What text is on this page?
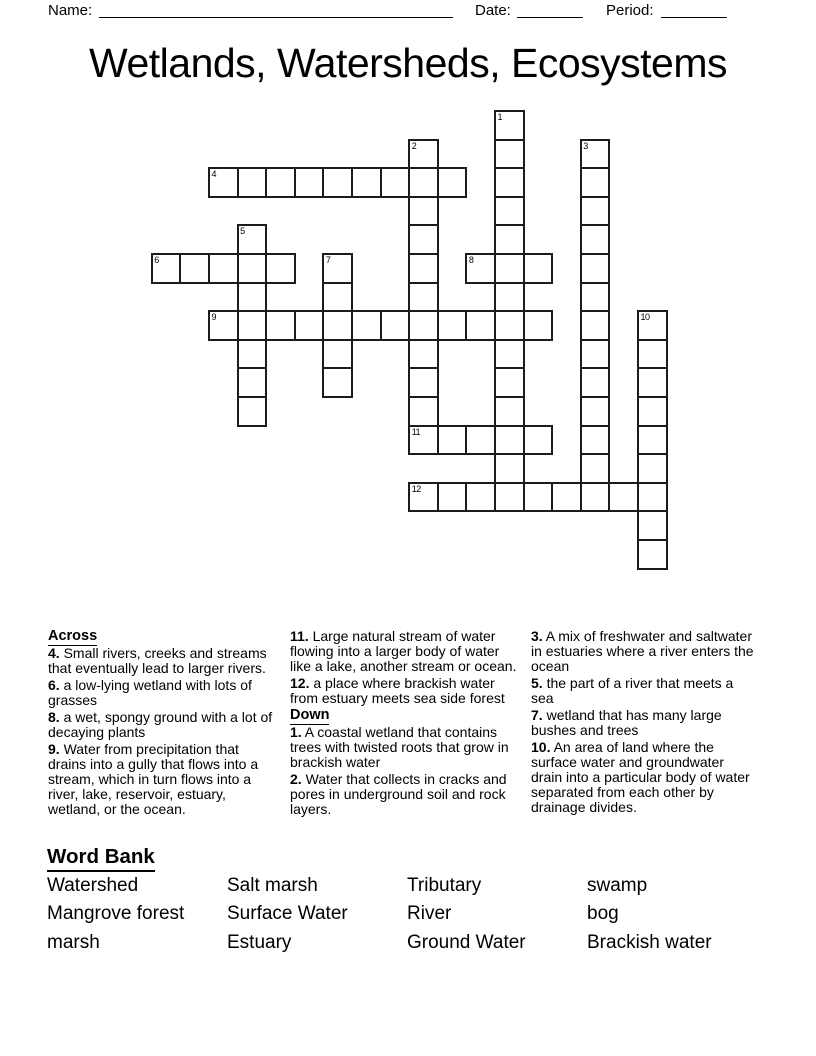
Name:	Date:	Period:
Wetlands, Watersheds, Ecosystems
1
2
11
3
4
5
6	7	8
9	10
12

Across

4. Small rivers, creeks and streams that eventually lead to larger rivers.

6. a low-lying wetland with lots of grasses

8. a wet, spongy ground with a lot of decaying plants

9. Water from precipitation that drains into a gully that flows into a stream, which in turn flows into a river, lake, reservoir, estuary, wetland, or the ocean.

11. Large natural stream of water flowing into a larger body of water like a lake, another stream or ocean.

12. a place where brackish water from estuary meets sea side forest

Down

1. A coastal wetland that contains trees with twisted roots that grow in brackish water

2. Water that collects in cracks and pores in underground soil and rock layers.

3. A mix of freshwater and saltwater in estuaries where a river enters the ocean

5. the part of a river that meets a sea

7. wetland that has many large bushes and trees

10. An area of land where the surface water and groundwater drain into a particular body of water separated from each other by drainage divides.

Word Bank
Watershed	Salt marsh	Tributary	swamp
Mangrove forest	Surface Water	River	bog
marsh	Estuary	Ground Water	Brackish water
